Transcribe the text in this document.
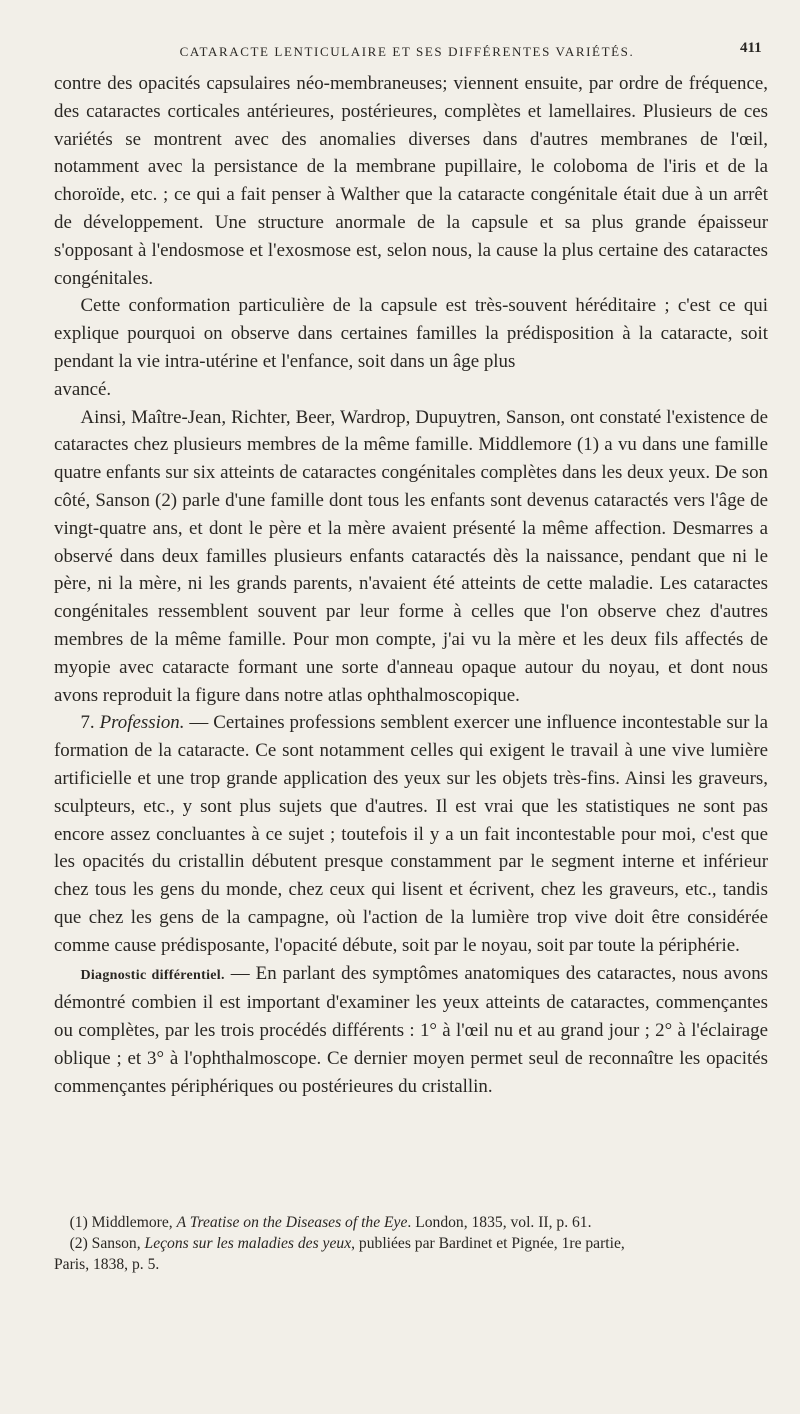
CATARACTE LENTICULAIRE ET SES DIFFÉRENTES VARIÉTÉS.	411

contre des opacités capsulaires néo-membraneuses; viennent ensuite, par ordre de fréquence, des cataractes corticales antérieures, postérieures, complètes et lamellaires. Plusieurs de ces variétés se montrent avec des anomalies diverses dans d'autres membranes de l'œil, notamment avec la persistance de la membrane pupillaire, le coloboma de l'iris et de la choroïde, etc. ; ce qui a fait penser à Walther que la cataracte congénitale était due à un arrêt de développement. Une structure anormale de la capsule et sa plus grande épaisseur s'opposant à l'endosmose et l'exosmose est, selon nous, la cause la plus certaine des cataractes congénitales.

Cette conformation particulière de la capsule est très-souvent héréditaire ; c'est ce qui explique pourquoi on observe dans certaines familles la prédisposition à la cataracte, soit pendant la vie intra-utérine et l'enfance, soit dans un âge plus

avancé.

Ainsi, Maître-Jean, Richter, Beer, Wardrop, Dupuytren, Sanson, ont constaté l'existence de cataractes chez plusieurs membres de la même famille. Middlemore (1) a vu dans une famille quatre enfants sur six atteints de cataractes congénitales complètes dans les deux yeux. De son côté, Sanson (2) parle d'une famille dont tous les enfants sont devenus cataractés vers l'âge de vingt-quatre ans, et dont le père et la mère avaient présenté la même affection. Desmarres a observé dans deux familles plusieurs enfants cataractés dès la naissance, pendant que ni le père, ni la mère, ni les grands parents, n'avaient été atteints de cette maladie. Les cataractes congénitales ressemblent souvent par leur forme à celles que l'on observe chez d'autres membres de la même famille. Pour mon compte, j'ai vu la mère et les deux fils affectés de myopie avec cataracte formant une sorte d'anneau opaque autour du noyau, et dont nous avons reproduit la figure dans notre atlas ophthalmoscopique.

7. Profession. — Certaines professions semblent exercer une influence incontestable sur la formation de la cataracte. Ce sont notamment celles qui exigent le travail à une vive lumière artificielle et une trop grande application des yeux sur les objets très-fins. Ainsi les graveurs, sculpteurs, etc., y sont plus sujets que d'autres. Il est vrai que les statistiques ne sont pas encore assez concluantes à ce sujet ; toutefois il y a un fait incontestable pour moi, c'est que les opacités du cristallin débutent presque constamment par le segment interne et inférieur chez tous les gens du monde, chez ceux qui lisent et écrivent, chez les graveurs, etc., tandis que chez les gens de la campagne, où l'action de la lumière trop vive doit être considérée comme cause prédisposante, l'opacité débute, soit par le noyau, soit par toute la périphérie.

Diagnostic différentiel. — En parlant des symptômes anatomiques des cataractes, nous avons démontré combien il est important d'examiner les yeux atteints de cataractes, commençantes ou complètes, par les trois procédés différents : 1° à l'œil nu et au grand jour ; 2° à l'éclairage oblique ; et 3° à l'ophthalmoscope. Ce dernier moyen permet seul de reconnaître les opacités commençantes périphériques ou postérieures du cristallin.

(1) Middlemore, A Treatise on the Diseases of the Eye. London, 1835, vol. II, p. 61.

(2) Sanson, Leçons sur les maladies des yeux, publiées par Bardinet et Pignée, 1re partie,

Paris, 1838, p. 5.
